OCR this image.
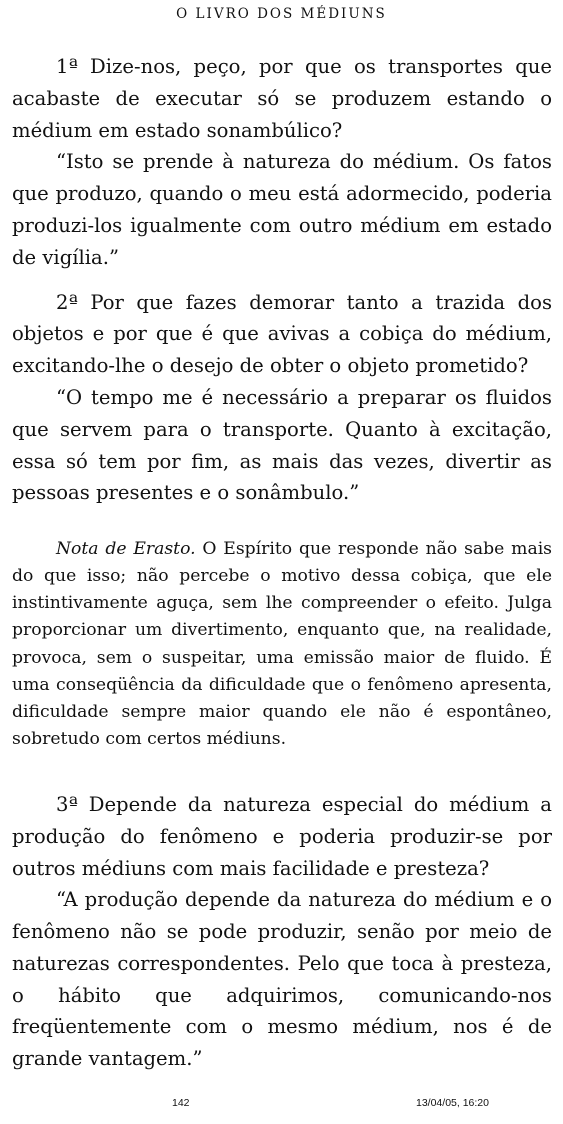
O LIVRO DOS MÉDIUNS

1ª Dize-nos, peço, por que os transportes que acabaste de executar só se produzem estando o médium em estado sonambúlico?

“Isto se prende à natureza do médium. Os fatos que produzo, quando o meu está adormecido, poderia produzi-los igualmente com outro médium em estado de vigília.”

2ª Por que fazes demorar tanto a trazida dos objetos e por que é que avivas a cobiça do médium, excitando-lhe o desejo de obter o objeto prometido?

“O tempo me é necessário a preparar os fluidos que servem para o transporte. Quanto à excitação, essa só tem por fim, as mais das vezes, divertir as pessoas presentes e o sonâmbulo.”

Nota de Erasto. O Espírito que responde não sabe mais do que isso; não percebe o motivo dessa cobiça, que ele instintivamente aguça, sem lhe compreender o efeito. Julga proporcionar um divertimento, enquanto que, na realidade, provoca, sem o suspeitar, uma emissão maior de fluido. É uma conseqüência da dificuldade que o fenômeno apresenta, dificuldade sempre maior quando ele não é espontâneo, sobretudo com certos médiuns.

3ª Depende da natureza especial do médium a produção do fenômeno e poderia produzir-se por outros médiuns com mais facilidade e presteza?

“A produção depende da natureza do médium e o fenômeno não se pode produzir, senão por meio de naturezas correspondentes. Pelo que toca à presteza, o hábito que adquirimos, comunicando-nos freqüentemente com o mesmo médium, nos é de grande vantagem.”

142	13/04/05, 16:20
